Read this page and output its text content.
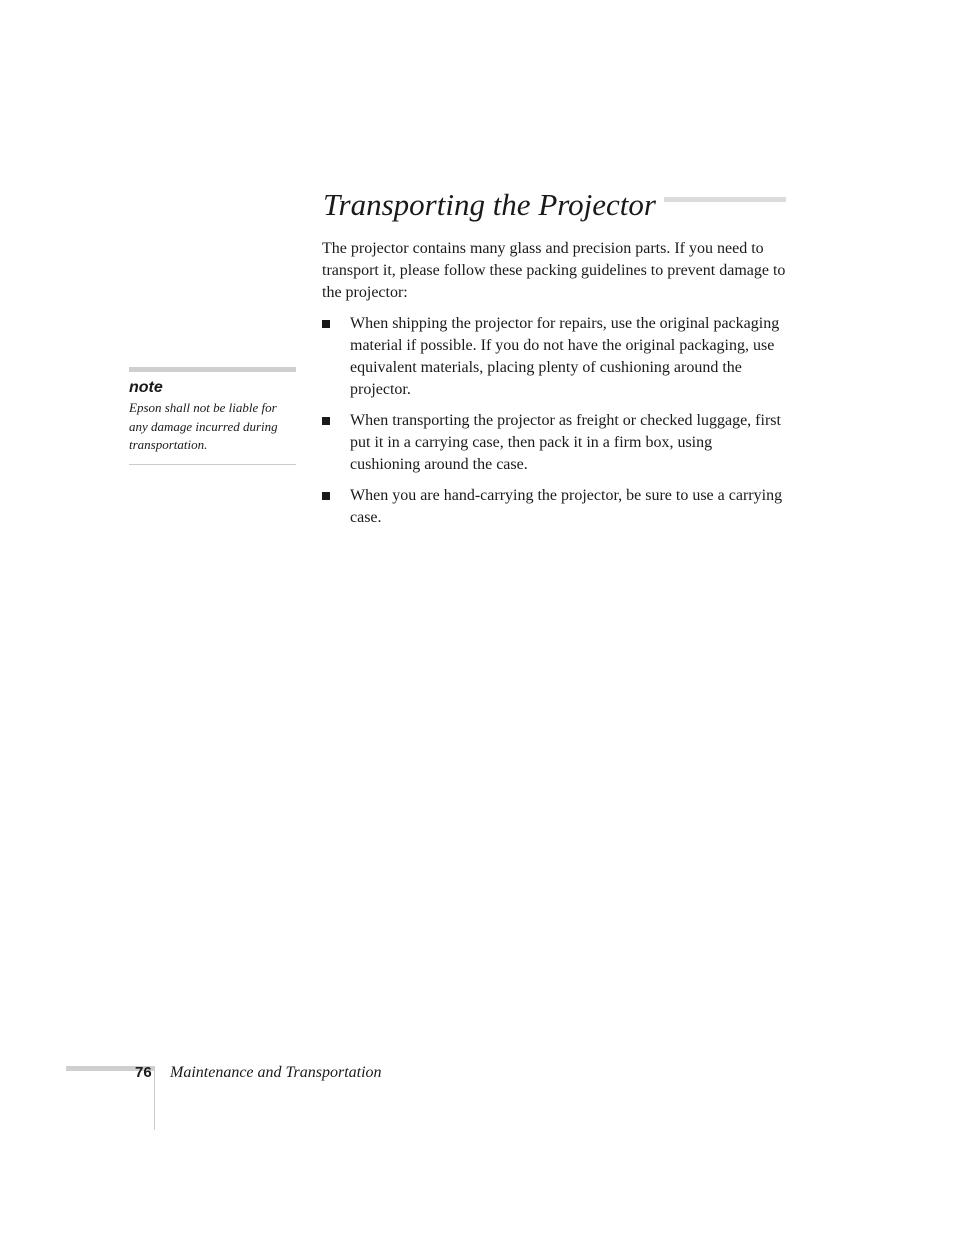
Transporting the Projector

The projector contains many glass and precision parts. If you need to transport it, please follow these packing guidelines to prevent damage to the projector:

When shipping the projector for repairs, use the original packaging material if possible. If you do not have the original packaging, use equivalent materials, placing plenty of cushioning around the projector.
When transporting the projector as freight or checked luggage, first put it in a carrying case, then pack it in a firm box, using cushioning around the case.
When you are hand-carrying the projector, be sure to use a carrying case.
note

Epson shall not be liable for any damage incurred during transportation.

76 Maintenance and Transportation
